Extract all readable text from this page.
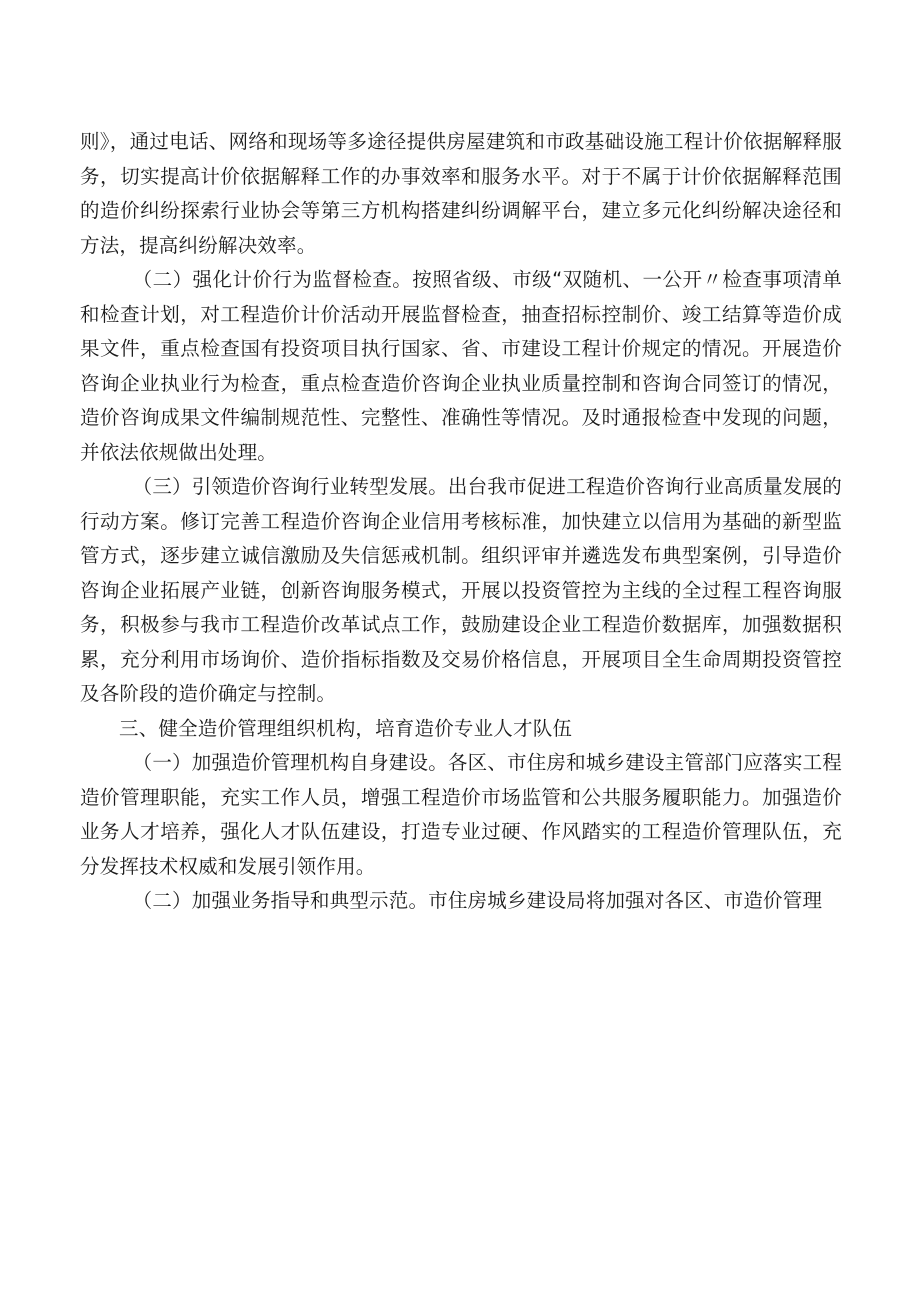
则》，通过电话、网络和现场等多途径提供房屋建筑和市政基础设施工程计价依据解释服务，切实提高计价依据解释工作的办事效率和服务水平。对于不属于计价依据解释范围的造价纠纷探索行业协会等第三方机构搭建纠纷调解平台，建立多元化纠纷解决途径和方法，提高纠纷解决效率。

（二）强化计价行为监督检查。按照省级、市级“双随机、一公开〃检查事项清单和检查计划，对工程造价计价活动开展监督检查，抽查招标控制价、竣工结算等造价成果文件，重点检查国有投资项目执行国家、省、市建设工程计价规定的情况。开展造价咨询企业执业行为检查，重点检查造价咨询企业执业质量控制和咨询合同签订的情况，造价咨询成果文件编制规范性、完整性、准确性等情况。及时通报检查中发现的问题，并依法依规做出处理。

（三）引领造价咨询行业转型发展。出台我市促进工程造价咨询行业高质量发展的行动方案。修订完善工程造价咨询企业信用考核标准，加快建立以信用为基础的新型监管方式，逐步建立诚信激励及失信惩戒机制。组织评审并遴选发布典型案例，引导造价咨询企业拓展产业链，创新咨询服务模式，开展以投资管控为主线的全过程工程咨询服务，积极参与我市工程造价改革试点工作，鼓励建设企业工程造价数据库，加强数据积累，充分利用市场询价、造价指标指数及交易价格信息，开展项目全生命周期投资管控及各阶段的造价确定与控制。

三、健全造价管理组织机构，培育造价专业人才队伍

（一）加强造价管理机构自身建设。各区、市住房和城乡建设主管部门应落实工程造价管理职能，充实工作人员，增强工程造价市场监管和公共服务履职能力。加强造价业务人才培养，强化人才队伍建设，打造专业过硬、作风踏实的工程造价管理队伍，充分发挥技术权威和发展引领作用。

（二）加强业务指导和典型示范。市住房城乡建设局将加强对各区、市造价管理
